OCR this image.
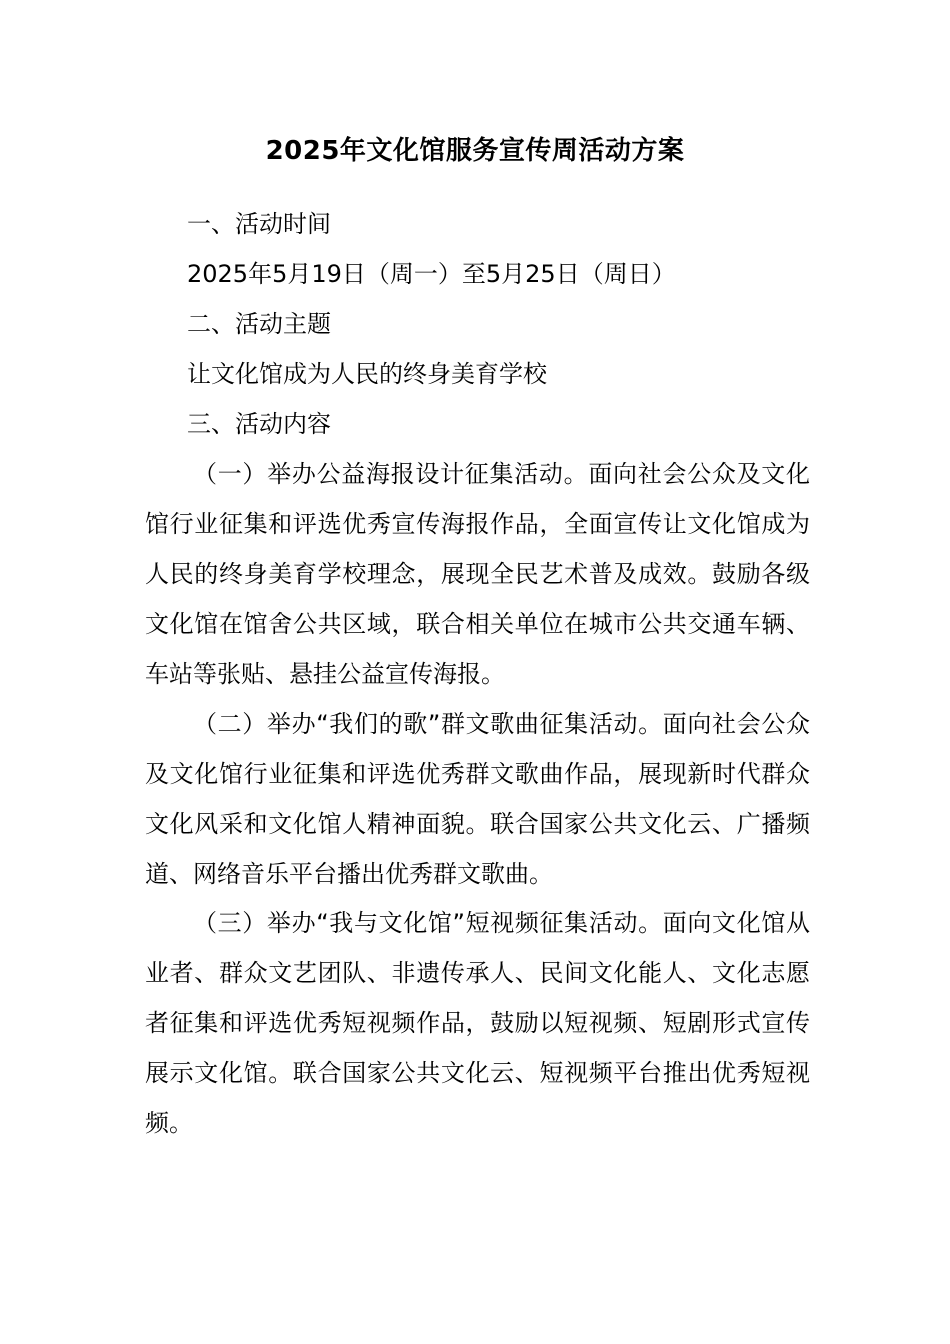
2025年文化馆服务宣传周活动方案
一、活动时间
2025年5月19日（周一）至5月25日（周日）
二、活动主题
让文化馆成为人民的终身美育学校
三、活动内容

（一）举办公益海报设计征集活动。面向社会公众及文化馆行业征集和评选优秀宣传海报作品，全面宣传让文化馆成为人民的终身美育学校理念，展现全民艺术普及成效。鼓励各级文化馆在馆舍公共区域，联合相关单位在城市公共交通车辆、车站等张贴、悬挂公益宣传海报。

（二）举办“我们的歌”群文歌曲征集活动。面向社会公众及文化馆行业征集和评选优秀群文歌曲作品，展现新时代群众文化风采和文化馆人精神面貌。联合国家公共文化云、广播频道、网络音乐平台播出优秀群文歌曲。

（三）举办“我与文化馆”短视频征集活动。面向文化馆从业者、群众文艺团队、非遗传承人、民间文化能人、文化志愿者征集和评选优秀短视频作品，鼓励以短视频、短剧形式宣传展示文化馆。联合国家公共文化云、短视频平台推出优秀短视频。
